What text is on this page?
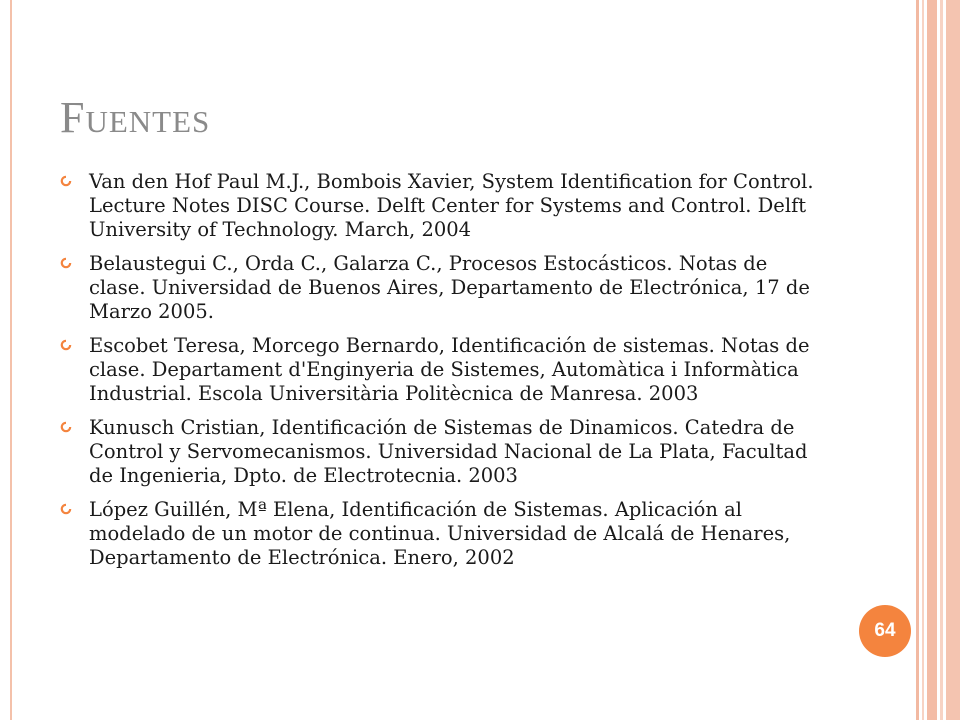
Fuentes
Van den Hof Paul M.J., Bombois Xavier, System Identification for Control. Lecture Notes DISC Course. Delft Center for Systems and Control. Delft University of Technology. March, 2004
Belaustegui C., Orda C., Galarza C., Procesos Estocásticos. Notas de clase. Universidad de Buenos Aires, Departamento de Electrónica, 17 de Marzo 2005.
Escobet Teresa, Morcego Bernardo, Identificación de sistemas. Notas de clase. Departament d'Enginyeria de Sistemes, Automàtica i Informàtica Industrial. Escola Universitària Politècnica de Manresa. 2003
Kunusch Cristian, Identificación de Sistemas de Dinamicos. Catedra de Control y Servomecanismos. Universidad Nacional de La Plata, Facultad de Ingenieria, Dpto. de Electrotecnia. 2003
López Guillén, Mª Elena, Identificación de Sistemas. Aplicación al modelado de un motor de continua. Universidad de Alcalá de Henares, Departamento de Electrónica. Enero, 2002
64
